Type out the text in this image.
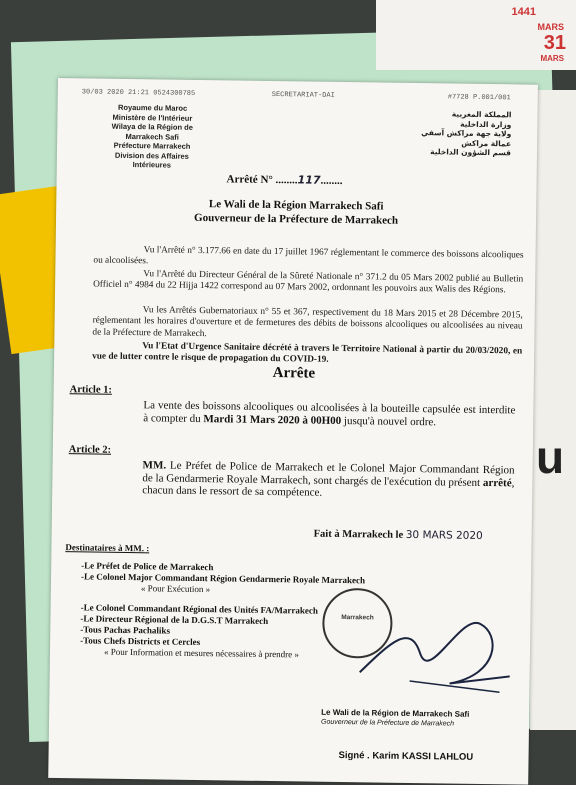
1441
MARS
31
MARS
u
30/03 2020 21:21 0524300785	SECRETARIAT-DAI	#7728 P.001/001
Royaume du Maroc
Ministère de l'Intérieur
Wilaya de la Région de
Marrakech Safi
Préfecture Marrakech
Division des Affaires
Intérieures
المملكة المغربية
وزارة الداخلية
ولاية جهة مراكش آسفي
عمالة مراكش
قسم الشؤون الداخلية
Arrêté N° ........117........
Le Wali de la Région Marrakech Safi
Gouverneur de la Préfecture de Marrakech
Vu l'Arrêté n° 3.177.66 en date du 17 juillet 1967 réglementant le commerce des boissons alcooliques ou alcoolisées.
Vu l'Arrêté du Directeur Général de la Sûreté Nationale n° 371.2 du 05 Mars 2002 publié au Bulletin Officiel n° 4984 du 22 Hijja 1422 correspond au 07 Mars 2002, ordonnant les pouvoirs aux Walis des Régions.
Vu les Arrêtés Gubernatoriaux n° 55 et 367, respectivement du 18 Mars 2015 et 28 Décembre 2015, réglementant les horaires d'ouverture et de fermetures des débits de boissons alcooliques ou alcoolisées au niveau de la Préfecture de Marrakech.
Vu l'Etat d'Urgence Sanitaire décrété à travers le Territoire National à partir du 20/03/2020, en vue de lutter contre le risque de propagation du COVID-19.
Arrête
Article 1:
La vente des boissons alcooliques ou alcoolisées à la bouteille capsulée est interdite à compter du Mardi 31 Mars 2020 à 00H00 jusqu'à nouvel ordre.
Article 2:
MM. Le Préfet de Police de Marrakech et le Colonel Major Commandant Région de la Gendarmerie Royale Marrakech, sont chargés de l'exécution du présent arrêté, chacun dans le ressort de sa compétence.
Fait à Marrakech le 30 MARS 2020
Destinataires à MM. :
-Le Préfet de Police de Marrakech
-Le Colonel Major Commandant Région Gendarmerie Royale Marrakech
« Pour Exécution »
-Le Colonel Commandant Régional des Unités FA/Marrakech
-Le Directeur Régional de la D.G.S.T Marrakech
-Tous Pachas Pachaliks
-Tous Chefs Districts et Cercles
« Pour Information et mesures nécessaires à prendre »
Marrakech
Le Wali de la Région de Marrakech Safi
Gouverneur de la Préfecture de Marrakech
Signé . Karim KASSI LAHLOU
